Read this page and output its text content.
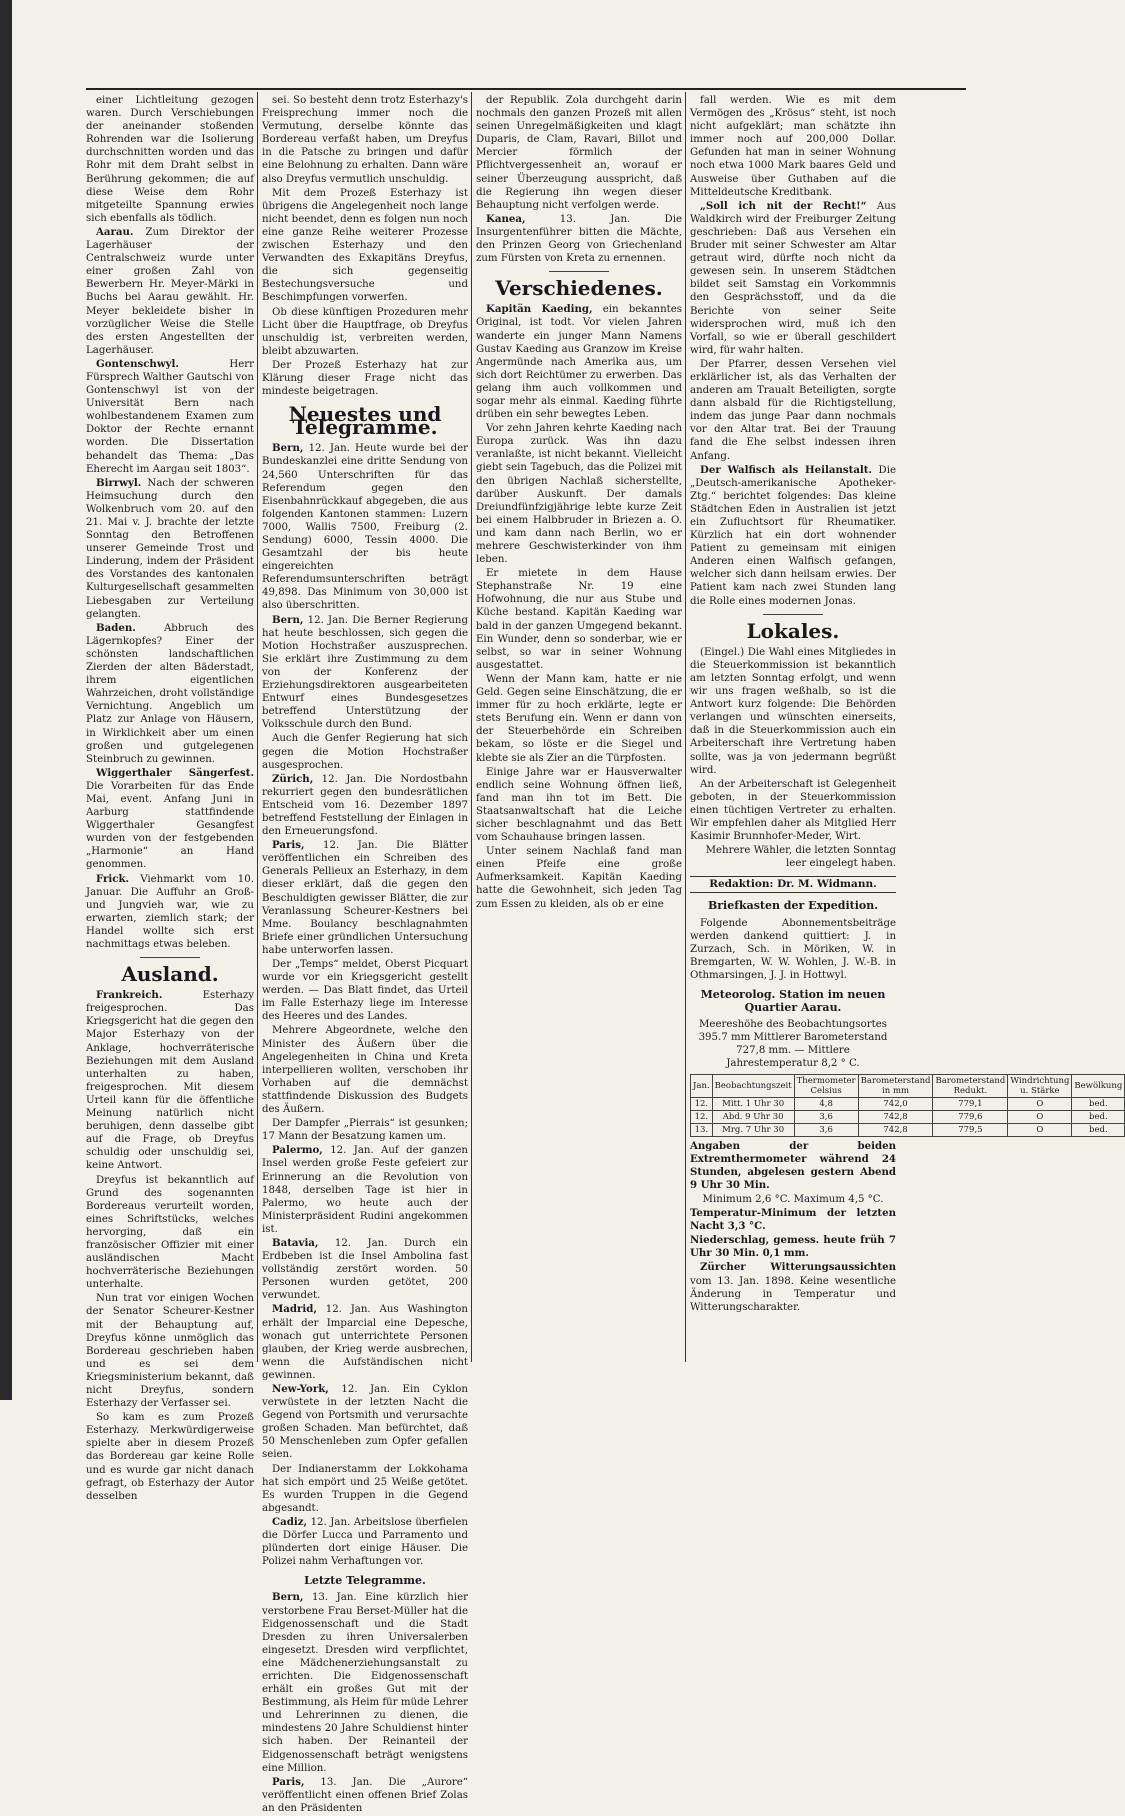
einer Lichtleitung gezogen waren. Durch Verschiebungen der aneinander stoßenden Rohrenden war die Isolierung durchschnitten worden und das Rohr mit dem Draht selbst in Berührung gekommen; die auf diese Weise dem Rohr mitgeteilte Spannung erwies sich ebenfalls als tödlich.

Aarau. Zum Direktor der Lagerhäuser der Centralschweiz wurde unter einer großen Zahl von Bewerbern Hr. Meyer-Märki in Buchs bei Aarau gewählt. Hr. Meyer bekleidete bisher in vorzüglicher Weise die Stelle des ersten Angestellten der Lagerhäuser.

Gontenschwyl.	Herr Fürsprech Walther Gautschi von Gontenschwyl ist von der Universität Bern nach wohlbestandenem Examen zum Doktor der Rechte ernannt worden. Die Dissertation behandelt das Thema: „Das Eherecht im Aargau seit 1803“.

Birrwyl. Nach der schweren Heimsuchung durch den Wolkenbruch vom 20. auf den 21. Mai v. J. brachte der letzte Sonntag den Betroffenen unserer Gemeinde Trost und Linderung, indem der Präsident des Vorstandes des kantonalen Kulturgesellschaft gesammelten Liebesgaben zur Verteilung gelangten.

Baden.	Abbruch des Lägernkopfes? Einer der schönsten landschaftlichen Zierden der alten Bäderstadt, ihrem eigentlichen Wahrzeichen, droht vollständige Vernichtung. Angeblich um Platz zur Anlage von Häusern, in Wirklichkeit aber um einen großen und gutgelegenen Steinbruch zu gewinnen.

Wiggerthaler Sängerfest. Die Vorarbeiten für das Ende Mai, event. Anfang Juni in Aarburg stattfindende Wiggerthaler Gesangfest wurden von der festgebenden „Harmonie“ an Hand genommen.

Frick. Viehmarkt vom 10. Januar. Die Auffuhr an Groß- und Jungvieh war, wie zu erwarten, ziemlich stark; der Handel wollte sich erst nachmittags etwas beleben.

Ausland.

Frankreich.	Esterhazy freigesprochen. Das Kriegsgericht hat die gegen den Major Esterhazy von der Anklage, hochverräterische Beziehungen mit dem Ausland unterhalten zu haben, freigesprochen. Mit diesem Urteil kann für die öffentliche Meinung natürlich nicht beruhigen, denn dasselbe gibt auf die Frage, ob Dreyfus schuldig oder unschuldig sei, keine Antwort.

Dreyfus ist bekanntlich auf Grund des sogenannten Bordereaus verurteilt worden, eines Schriftstücks, welches hervorging, daß ein französischer Offizier mit einer ausländischen Macht hochverräterische Beziehungen unterhalte.

Nun trat vor einigen Wochen der Senator Scheurer-Kestner mit der Behauptung auf, Dreyfus könne unmöglich das Bordereau geschrieben haben und es sei dem Kriegsministerium bekannt, daß nicht Dreyfus, sondern Esterhazy der Verfasser sei.

So kam es zum Prozeß Esterhazy. Merkwürdigerweise spielte aber in diesem Prozeß das Bordereau gar keine Rolle und es wurde gar nicht danach gefragt, ob Esterhazy der Autor desselben

sei. So besteht denn trotz Esterhazy's Freisprechung immer noch die Vermutung, derselbe könnte das Bordereau verfaßt haben, um Dreyfus in die Patsche zu bringen und dafür eine Belohnung zu erhalten. Dann wäre also Dreyfus vermutlich unschuldig.

Mit dem Prozeß Esterhazy ist übrigens die Angelegenheit noch lange nicht beendet, denn es folgen nun noch eine ganze Reihe weiterer Prozesse zwischen Esterhazy und den Verwandten des Exkapitäns Dreyfus, die sich gegenseitig Bestechungsversuche und Beschimpfungen vorwerfen.

Ob diese künftigen Prozeduren mehr Licht über die Hauptfrage, ob Dreyfus unschuldig ist, verbreiten werden, bleibt abzuwarten.

Der Prozeß Esterhazy hat zur Klärung dieser Frage nicht das mindeste beigetragen.

Neuestes und Telegramme.

Bern, 12. Jan. Heute wurde bei der Bundeskanzlei eine dritte Sendung von 24,560 Unterschriften für das Referendum gegen den Eisenbahnrückkauf abgegeben, die aus folgenden Kantonen stammen: Luzern 7000, Wallis 7500, Freiburg (2. Sendung) 6000, Tessin 4000. Die Gesamtzahl der bis heute eingereichten Referendumsunterschriften beträgt 49,898. Das Minimum von 30,000 ist also überschritten.

Bern, 12. Jan. Die Berner Regierung hat heute beschlossen, sich gegen die Motion Hochstraßer auszusprechen. Sie erklärt ihre Zustimmung zu dem von der Konferenz der Erziehungsdirektoren ausgearbeiteten Entwurf eines Bundesgesetzes betreffend Unterstützung der Volksschule durch den Bund.

Auch die Genfer Regierung hat sich gegen die Motion Hochstraßer ausgesprochen.

Zürich, 12. Jan. Die Nordostbahn rekurriert gegen den bundesrätlichen Entscheid vom 16. Dezember 1897 betreffend Feststellung der Einlagen in den Erneuerungsfond.

Paris, 12. Jan. Die Blätter veröffentlichen ein Schreiben des Generals Pellieux an Esterhazy, in dem dieser erklärt, daß die gegen den Beschuldigten gewisser Blätter, die zur Veranlassung Scheurer-Kestners bei Mme. Boulancy beschlagnahmten Briefe einer gründlichen Untersuchung habe unterworfen lassen.

Der „Temps“ meldet, Oberst Picquart wurde vor ein Kriegsgericht gestellt werden. — Das Blatt findet, das Urteil im Falle Esterhazy liege im Interesse des Heeres und des Landes.

Mehrere Abgeordnete, welche den Minister des Äußern über die Angelegenheiten in China und Kreta interpellieren wollten, verschoben ihr Vorhaben auf die demnächst stattfindende Diskussion des Budgets des Äußern.

Der Dampfer „Pierrais“ ist gesunken; 17 Mann der Besatzung kamen um.

Palermo, 12. Jan. Auf der ganzen Insel werden große Feste gefeiert zur Erinnerung an die Revolution von 1848, derselben Tage ist hier in Palermo, wo heute auch der Ministerpräsident Rudini angekommen ist.

Batavia, 12. Jan. Durch ein Erdbeben ist die Insel Ambolina fast vollständig zerstört worden. 50 Personen wurden getötet, 200 verwundet.

Madrid, 12. Jan. Aus Washington erhält der Imparcial eine Depesche, wonach gut unterrichtete Personen glauben, der Krieg werde ausbrechen, wenn die Aufständischen nicht gewinnen.

New-York, 12. Jan. Ein Cyklon verwüstete in der letzten Nacht die Gegend von Portsmith und verursachte großen Schaden. Man befürchtet, daß 50 Menschenleben zum Opfer gefallen seien.

Der Indianerstamm der Lokkohama hat sich empört und 25 Weiße getötet. Es wurden Truppen in die Gegend abgesandt.

Cadiz, 12. Jan. Arbeitslose überfielen die Dörfer Lucca und Parramento und plünderten dort einige Häuser. Die Polizei nahm Verhaftungen vor.

Letzte Telegramme.

Bern, 13. Jan. Eine kürzlich hier verstorbene Frau Berset-Müller hat die Eidgenossenschaft und die Stadt Dresden zu ihren Universalerben eingesetzt. Dresden wird verpflichtet, eine Mädchenerziehungsanstalt zu errichten. Die Eidgenossenschaft erhält ein großes Gut mit der Bestimmung, als Heim für müde Lehrer und Lehrerinnen zu dienen, die mindestens 20 Jahre Schuldienst hinter sich haben. Der Reinanteil der Eidgenossenschaft beträgt wenigstens eine Million.

Paris, 13. Jan. Die „Aurore“ veröffentlicht einen offenen Brief Zolas an den Präsidenten

der Republik. Zola durchgeht darin nochmals den ganzen Prozeß mit allen seinen Unregelmäßigkeiten und klagt Duparis, de Clam, Ravari, Billot und Mercier förmlich der Pflichtvergessenheit an, worauf er seiner Überzeugung ausspricht, daß die Regierung ihn wegen dieser Behauptung nicht verfolgen werde.

Kanea,	13. Jan. Die Insurgentenführer bitten die Mächte, den Prinzen Georg von Griechenland zum Fürsten von Kreta zu ernennen.

Verschiedenes.

Kapitän Kaeding, ein bekanntes Original, ist todt. Vor vielen Jahren wanderte ein junger Mann Namens Gustav Kaeding aus Granzow im Kreise Angermünde nach Amerika aus, um sich dort Reichtümer zu erwerben. Das gelang ihm auch vollkommen und sogar mehr als einmal. Kaeding führte drüben ein sehr bewegtes Leben.

Vor zehn Jahren kehrte Kaeding nach Europa zurück. Was ihn dazu veranlaßte, ist nicht bekannt. Vielleicht giebt sein Tagebuch, das die Polizei mit den übrigen Nachlaß sicherstellte, darüber Auskunft. Der damals Dreiundfünfzigjährige lebte kurze Zeit bei einem Halbbruder in Briezen a. O. und kam dann nach Berlin, wo er mehrere Geschwisterkinder von ihm leben.

Er mietete in dem Hause Stephanstraße Nr. 19 eine Hofwohnung, die nur aus Stube und Küche bestand. Kapitän Kaeding war bald in der ganzen Umgegend bekannt. Ein Wunder, denn so sonderbar, wie er selbst, so war in seiner Wohnung ausgestattet.

Wenn der Mann kam, hatte er nie Geld. Gegen seine Einschätzung, die er immer für zu hoch erklärte, legte er stets Berufung ein. Wenn er dann von der Steuerbehörde ein Schreiben bekam, so löste er die Siegel und klebte sie als Zier an die Türpfosten.

Einige Jahre war er Hausverwalter endlich seine Wohnung öffnen ließ, fand man ihn tot im Bett. Die Staatsanwaltschaft hat die Leiche sicher beschlagnahmt und das Bett vom Schauhause bringen lassen.

Unter seinem Nachlaß fand man einen Pfeife eine große Aufmerksamkeit. Kapitän Kaeding hatte die Gewohnheit, sich jeden Tag zum Essen zu kleiden, als ob er eine

fall werden. Wie es mit dem Vermögen des „Krösus“ steht, ist noch nicht aufgeklärt; man schätzte ihn immer noch auf 200,000 Dollar. Gefunden hat man in seiner Wohnung noch etwa 1000 Mark baares Geld und Ausweise über Guthaben auf die Mitteldeutsche Kreditbank.

„Soll ich nit der Recht!“ Aus Waldkirch wird der Freiburger Zeitung geschrieben: Daß aus Versehen ein Bruder mit seiner Schwester am Altar getraut wird, dürfte noch nicht da gewesen sein. In unserem Städtchen bildet seit Samstag ein Vorkommnis den Gesprächsstoff, und da die Berichte von seiner Seite widersprochen wird, muß ich den Vorfall, so wie er überall geschildert wird, für wahr halten.

Der Pfarrer, dessen Versehen viel erklärlicher ist, als das Verhalten der anderen am Traualt Beteiligten, sorgte dann alsbald für die Richtigstellung, indem das junge Paar dann nochmals vor den Altar trat. Bei der Trauung fand die Ehe selbst indessen ihren Anfang.

Der Walfisch als Heilanstalt. Die „Deutsch-amerikanische Apotheker-Ztg.“ berichtet folgendes: Das kleine Städtchen Eden in Australien ist jetzt ein Zufluchtsort für Rheumatiker. Kürzlich hat ein dort wohnender Patient zu gemeinsam mit einigen Anderen einen Walfisch gefangen, welcher sich dann heilsam erwies. Der Patient kam nach zwei Stunden lang die Rolle eines modernen Jonas.

Lokales.

(Eingel.) Die Wahl eines Mitgliedes in die Steuerkommission ist bekanntlich am letzten Sonntag erfolgt, und wenn wir uns fragen weßhalb, so ist die Antwort kurz folgende: Die Behörden verlangen und wünschten einerseits, daß in die Steuerkommission auch ein Arbeiterschaft ihre Vertretung haben sollte, was ja von jedermann begrüßt wird.

An der Arbeiterschaft ist Gelegenheit geboten, in der Steuerkommission einen tüchtigen Vertreter zu erhalten. Wir empfehlen daher als Mitglied Herr Kasimir Brunnhofer-Meder, Wirt.

Mehrere Wähler, die letzten Sonntag leer eingelegt haben.

Redaktion: Dr. M. Widmann.
Briefkasten der Expedition.

Folgende Abonnementsbeiträge werden dankend quittiert: J. in Zurzach, Sch. in Möriken, W. in Bremgarten, W. W. Wohlen, J. W.-B. in Othmarsingen, J. J. in Hottwyl.

Meteorolog. Station im neuen Quartier Aarau.

Meereshöhe des Beobachtungsortes 395.7 mm Mittlerer Barometerstand 727,8 mm. — Mittlere Jahrestemperatur 8,2 ° C.

Jan.	Beobachtungszeit	Thermometer Celsius	Barometerstand in mm	Barometerstand Redukt.	Windrichtung u. Stärke	Bewölkung
12.	Mitt. 1 Uhr 30	4,8	742,0	779,1	O	bed.
12.	Abd. 9 Uhr 30	3,6	742,8	779,6	O	bed.
13.	Mrg. 7 Uhr 30	3,6	742,8	779,5	O	bed.

Angaben der beiden Extremthermometer während 24 Stunden, abgelesen gestern Abend 9 Uhr 30 Min.

Minimum 2,6 °C. Maximum 4,5 °C.

Temperatur-Minimum der letzten Nacht 3,3 °C.

Niederschlag, gemess. heute früh 7 Uhr 30 Min. 0,1 mm.

Zürcher Witterungsaussichten vom 13. Jan. 1898. Keine wesentliche Änderung in Temperatur und Witterungscharakter.
